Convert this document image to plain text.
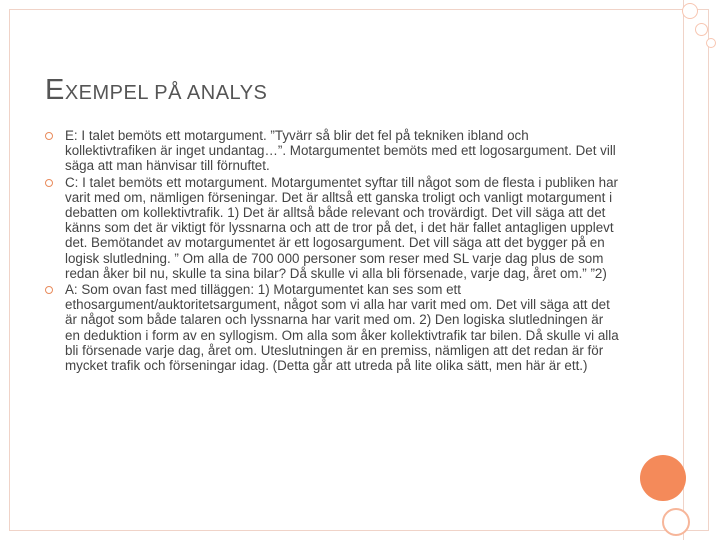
EXEMPEL PÅ ANALYS
E: I talet bemöts ett motargument. ”Tyvärr så blir det fel på tekniken ibland och kollektivtrafiken är inget undantag…”. Motargumentet bemöts med ett logosargument. Det vill säga att man hänvisar till förnuftet.
C: I talet bemöts ett motargument. Motargumentet syftar till något som de flesta i publiken har varit med om, nämligen förseningar. Det är alltså ett ganska troligt och vanligt motargument i debatten om kollektivtrafik. 1) Det är alltså både relevant och trovärdigt. Det vill säga att det känns som det är viktigt för lyssnarna och att de tror på det, i det här fallet antagligen upplevt det. Bemötandet av motargumentet är ett logosargument. Det vill säga att det bygger på en logisk slutledning. ” Om alla de 700 000 personer som reser med SL varje dag plus de som redan åker bil nu, skulle ta sina bilar? Då skulle vi alla bli försenade, varje dag, året om.” ”2)
A: Som ovan fast med tilläggen: 1) Motargumentet kan ses som ett ethosargument/auktoritetsargument, något som vi alla har varit med om. Det vill säga att det är något som både talaren och lyssnarna har varit med om. 2) Den logiska slutledningen är en deduktion i form av en syllogism. Om alla som åker kollektivtrafik tar bilen. Då skulle vi alla bli försenade varje dag, året om. Uteslutningen är en premiss, nämligen att det redan är för mycket trafik och förseningar idag. (Detta går att utreda på lite olika sätt, men här är ett.)
